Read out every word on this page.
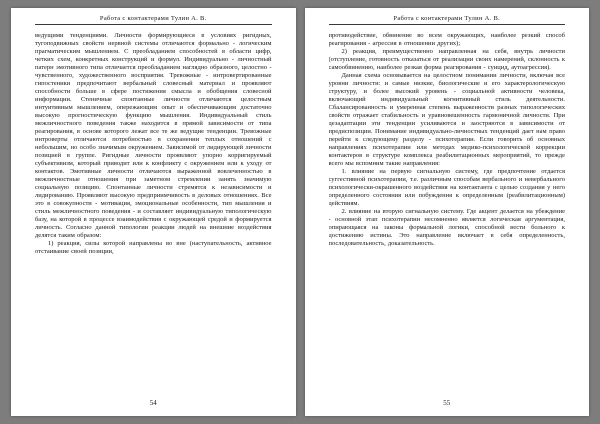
Работа с контактерами Тулин А. В.

ведущими тенденциями. Личности формирующиеся в условиях ригидных, тугоподвижных свойств нервной системы отличаются формально - логическим прагматическим мышлением. С преобладанием способностей в области цифр, четких схем, конкретных конструкций и формул. Индивидуально - личностный патерн эмотивного типа отличается преобладанием наглядно образного, целостно - чувственного, художественного восприятия. Тревожные - интровертированные гипостеники предпочитают вербальный словесный материал и проявляют способности больше в сфере постижения смысла и обобщения словесной информации. Стеничные спонтанные личности отличаются целостным интуитивным мышлением, опережающим опыт и обеспечивающим достаточно высокую прогностическую функцию мышления. Индивидуальный стиль межличностного поведения также находится в прямой зависимости от типа реагирования, в основе которого лежат все те же ведущие тенденции. Тревожные интроверты отличаются потребностью в сохранении теплых отношений с небольшим, но особо значимым окружением. Зависимой от лидирующей личности позицией в группе. Ригидные личности проявляют упорно корригируемый субъективизм, который приводит или к конфликту с окружением или к уходу от контактов. Эмотивные личности отличаются выраженной вовлеченностью в межличностные отношения при заметном стремлении занять значимую социальную позицию. Спонтанные личности стремятся к независимости и лидированию. Проявляют высокую предприимчивость в деловых отношениях. Все это в совокупности - мотивация, эмоциональные особенности, тип мышления и стиль межличностного поведения - и составляет индивидуальную типологическую базу, на которой в процессе взаимодействия с окружающей средой и формируется личность. Согласно данной типологии реакции людей на внешние воздействия делятся таким образом:

1) реакция, силы которой направлены во вне (наступательность, активное отстаивание своей позиции,

54
Работа с контактерами Тулин А. В.

противодействие, обвинение во всем окружающих, наиболее резкий способ реагирования - агрессия в отношении других);

2) реакция, преимущественно направленная на себя, внутрь личности (отступление, готовность отказаться от реализации своих намерений, склонность к самообвинению, наиболее резкая форма реагирования - суицид, аутоагрессия).

Данная схема основывается на целостном понимании личности, включая все уровни личности: и самые низкие, биологические и его характерологическую структуру, и более высокий уровень - социальной активности человека, включающий индивидуальный когнитивный стиль деятельности. Сбалансированность и умеренная степень выраженности разных типологических свойств отражает стабильность и уравновешенность гармоничной личности. При дезадаптации эти тенденции усиливаются и заостряются в зависимости от предиспозиции. Понимание индивидуально-личностных тенденций дает нам право перейти к следующему разделу - психотерапии. Если говорить об основных направлениях психотерапии или методах медико-психологической коррекции контактеров в структуре комплекса реабилитационных мероприятий, то прежде всего мы вспомним такие направления:

1. влияние на первую сигнальную систему, где предпочтение отдается суггестивной психотерапии, т.е. различным способам вербального и невербального психологически-окрашенного воздействия на контактанта с целью создания у него определенного состояния или побуждения к определенным (реабилитационным) действиям.

2. влияние на вторую сигнальную систему. Где акцент делается на убеждение - основной этап психотерапии несомненно является логическая аргументация, опирающаяся на законы формальной логики, способной вести больного к достижению истины. Это направление включает в себя определенность, последовательность, доказательность.

55
